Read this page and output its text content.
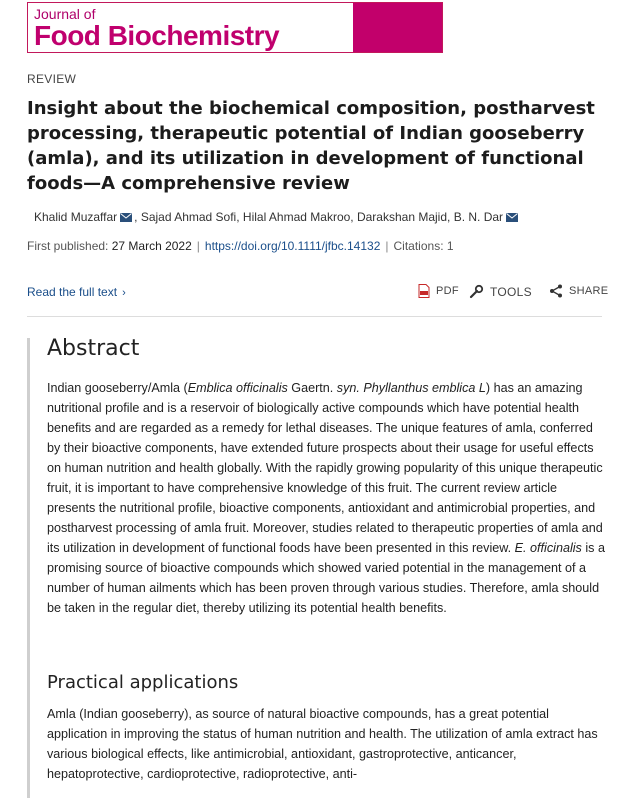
Journal of
Food Biochemistry
REVIEW
Insight about the biochemical composition, postharvest processing, therapeutic potential of Indian gooseberry (amla), and its utilization in development of functional foods—A comprehensive review
Khalid Muzaffar , Sajad Ahmad Sofi, Hilal Ahmad Makroo, Darakshan Majid, B. N. Dar
First published: 27 March 2022 | https://doi.org/10.1111/jfbc.14132 | Citations: 1
Read the full text ›	PDF	TOOLS	SHARE
Abstract

Indian gooseberry/Amla (Emblica officinalis Gaertn. syn. Phyllanthus emblica L) has an amazing nutritional profile and is a reservoir of biologically active compounds which have potential health benefits and are regarded as a remedy for lethal diseases. The unique features of amla, conferred by their bioactive components, have extended future prospects about their usage for useful effects on human nutrition and health globally. With the rapidly growing popularity of this unique therapeutic fruit, it is important to have comprehensive knowledge of this fruit. The current review article presents the nutritional profile, bioactive components, antioxidant and antimicrobial properties, and postharvest processing of amla fruit. Moreover, studies related to therapeutic properties of amla and its utilization in development of functional foods have been presented in this review. E. officinalis is a promising source of bioactive compounds which showed varied potential in the management of a number of human ailments which has been proven through various studies. Therefore, amla should be taken in the regular diet, thereby utilizing its potential health benefits.

Practical applications

Amla (Indian gooseberry), as source of natural bioactive compounds, has a great potential application in improving the status of human nutrition and health. The utilization of amla extract has various biological effects, like antimicrobial, antioxidant, gastroprotective, anticancer, hepatoprotective, cardioprotective, radioprotective, anti-
